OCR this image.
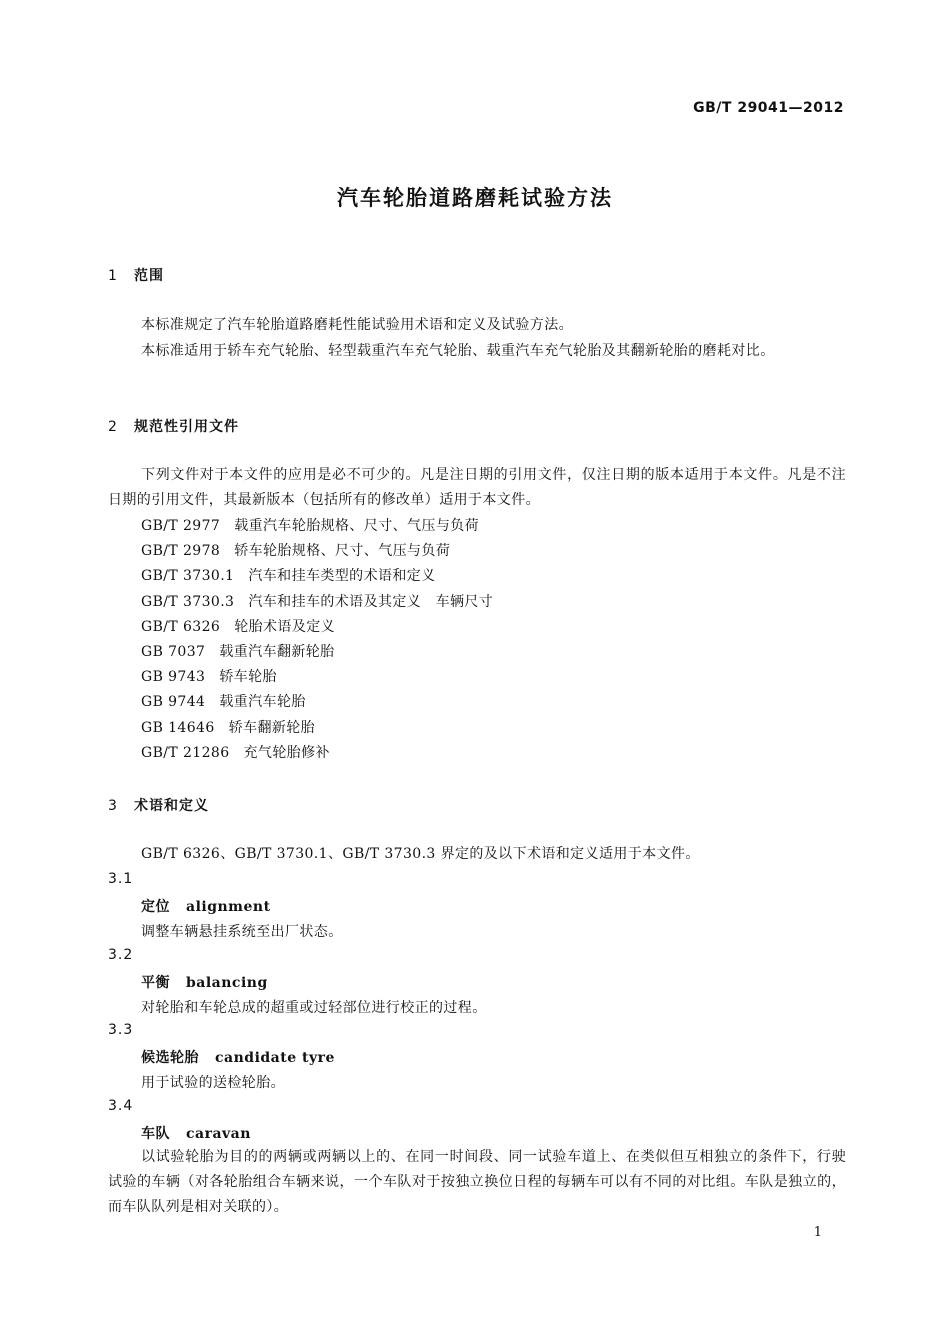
GB/T 29041—2012
汽车轮胎道路磨耗试验方法
1 范围
本标准规定了汽车轮胎道路磨耗性能试验用术语和定义及试验方法。
本标准适用于轿车充气轮胎、轻型载重汽车充气轮胎、载重汽车充气轮胎及其翻新轮胎的磨耗对比。
2 规范性引用文件
下列文件对于本文件的应用是必不可少的。凡是注日期的引用文件，仅注日期的版本适用于本文件。凡是不注日期的引用文件，其最新版本（包括所有的修改单）适用于本文件。
GB/T 2977 载重汽车轮胎规格、尺寸、气压与负荷
GB/T 2978 轿车轮胎规格、尺寸、气压与负荷
GB/T 3730.1 汽车和挂车类型的术语和定义
GB/T 3730.3 汽车和挂车的术语及其定义　车辆尺寸
GB/T 6326 轮胎术语及定义
GB 7037 载重汽车翻新轮胎
GB 9743 轿车轮胎
GB 9744 载重汽车轮胎
GB 14646 轿车翻新轮胎
GB/T 21286 充气轮胎修补
3 术语和定义
GB/T 6326、GB/T 3730.1、GB/T 3730.3 界定的及以下术语和定义适用于本文件。
3.1
定位 alignment
调整车辆悬挂系统至出厂状态。
3.2
平衡 balancing
对轮胎和车轮总成的超重或过轻部位进行校正的过程。
3.3
候选轮胎 candidate tyre
用于试验的送检轮胎。
3.4
车队 caravan
以试验轮胎为目的的两辆或两辆以上的、在同一时间段、同一试验车道上、在类似但互相独立的条件下，行驶试验的车辆（对各轮胎组合车辆来说，一个车队对于按独立换位日程的每辆车可以有不同的对比组。车队是独立的，而车队队列是相对关联的）。
1
